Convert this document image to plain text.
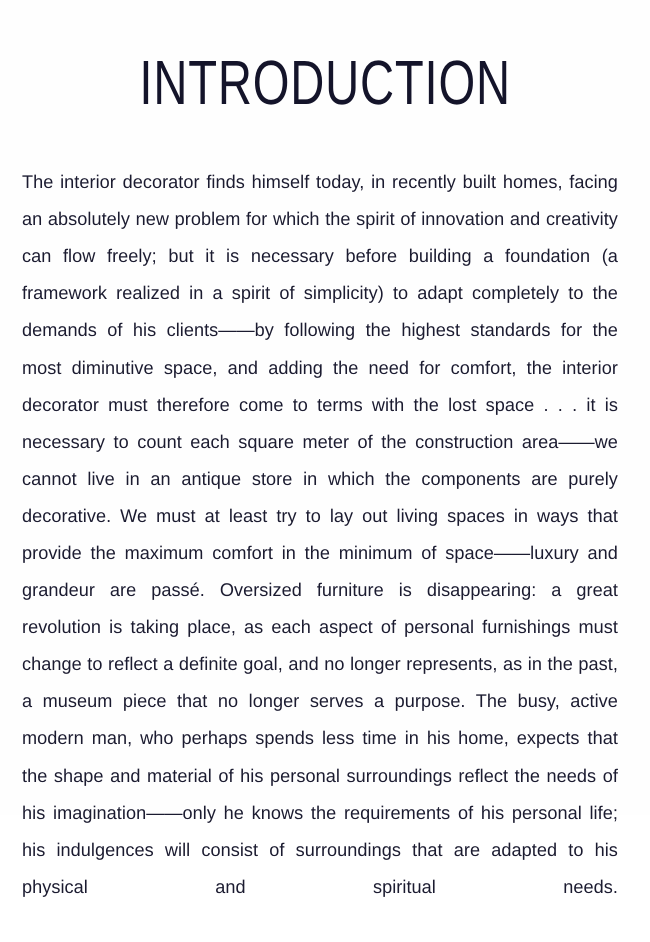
INTRODUCTION

The interior decorator finds himself today, in recently built homes, facing an absolutely new problem for which the spirit of innovation and creativity can flow freely; but it is necessary before building a foundation (a framework realized in a spirit of simplicity) to adapt completely to the demands of his clients——by following the highest standards for the most diminutive space, and adding the need for comfort, the interior decorator must therefore come to terms with the lost space . . . it is necessary to count each square meter of the construction area——we cannot live in an antique store in which the components are purely decorative. We must at least try to lay out living spaces in ways that provide the maximum comfort in the minimum of space——luxury and grandeur are passé. Oversized furniture is disappearing: a great revolution is taking place, as each aspect of personal furnishings must change to reflect a definite goal, and no longer represents, as in the past, a museum piece that no longer serves a purpose. The busy, active modern man, who perhaps spends less time in his home, expects that the shape and material of his personal surroundings reflect the needs of his imagination——only he knows the requirements of his personal life; his indulgences will consist of surroundings that are adapted to his physical and spiritual needs.
